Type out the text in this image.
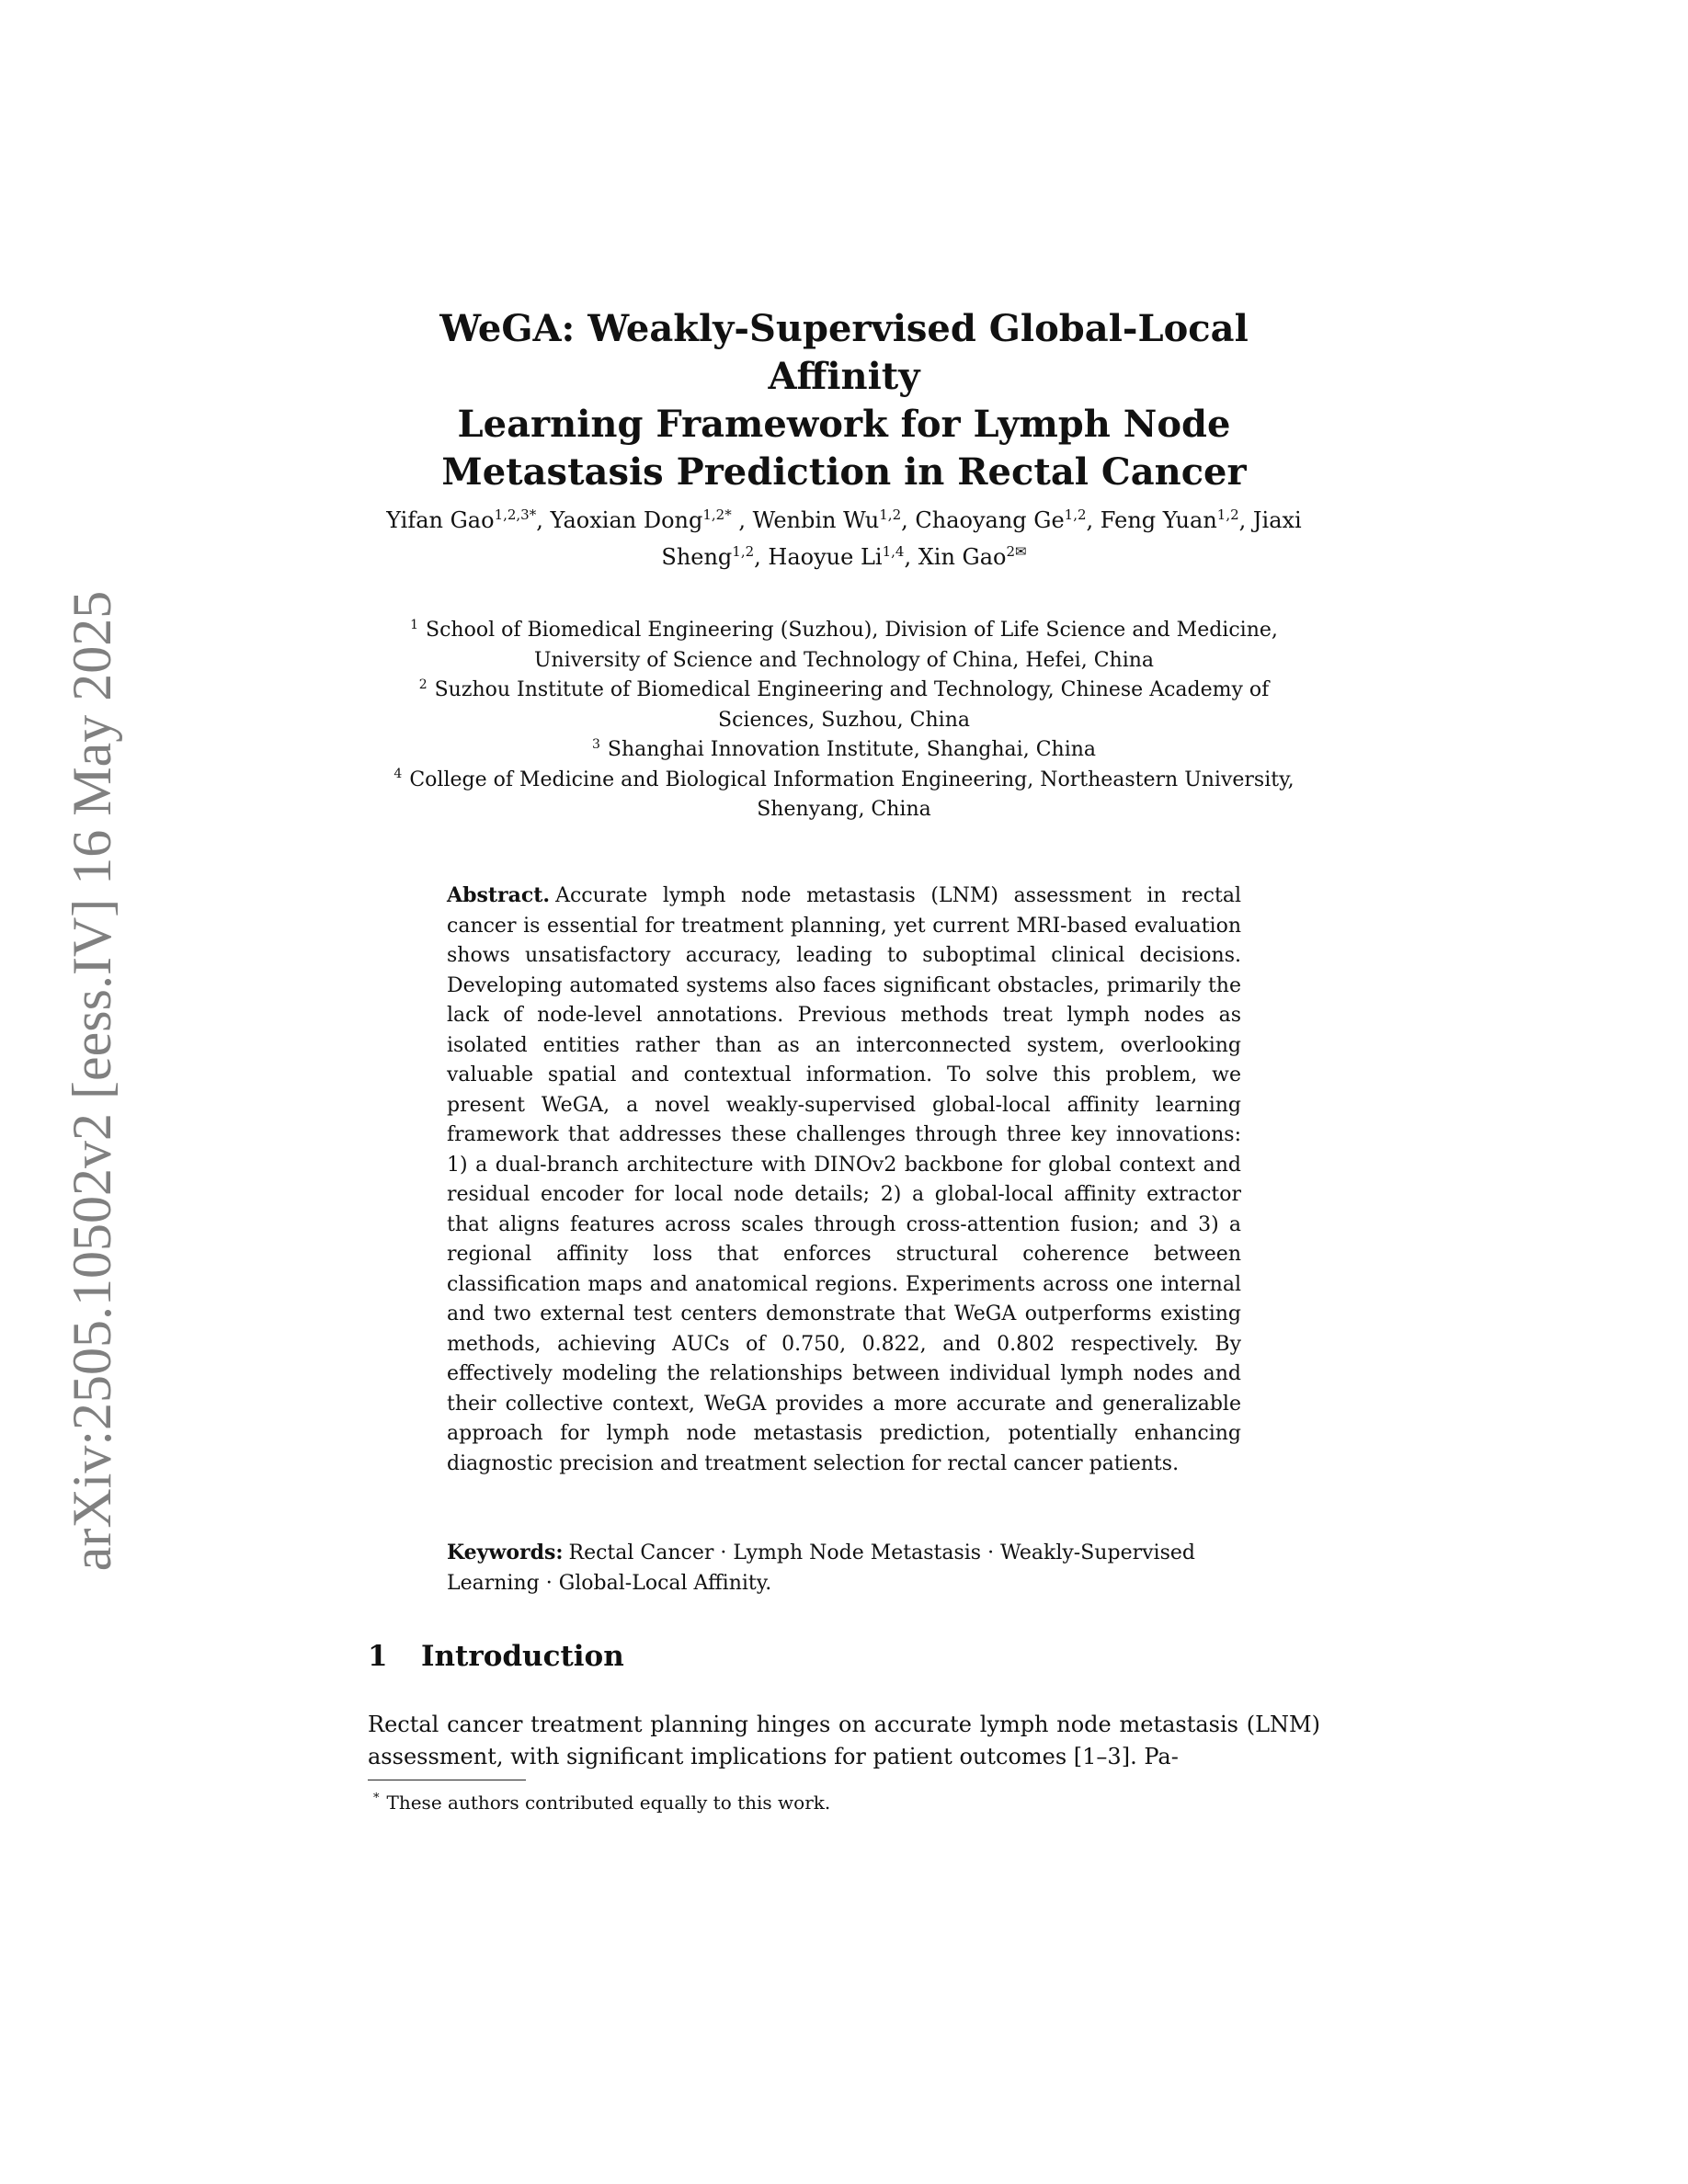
arXiv:2505.10502v2 [eess.IV] 16 May 2025
WeGA: Weakly-Supervised Global-Local Affinity
Learning Framework for Lymph Node
Metastasis Prediction in Rectal Cancer
Yifan Gao$^{1,2,3*}$, Yaoxian Dong$^{1,2*}$ , Wenbin Wu$^{1,2}$, Chaoyang Ge$^{1,2}$, Feng Yuan$^{1,2}$, Jiaxi Sheng$^{1,2}$, Haoyue Li$^{1,4}$, Xin Gao$^{2✉}$
$^1$ School of Biomedical Engineering (Suzhou), Division of Life Science and Medicine, University of Science and Technology of China, Hefei, China
$^2$ Suzhou Institute of Biomedical Engineering and Technology, Chinese Academy of Sciences, Suzhou, China
$^3$ Shanghai Innovation Institute, Shanghai, China
$^4$ College of Medicine and Biological Information Engineering, Northeastern University, Shenyang, China
Abstract. Accurate lymph node metastasis (LNM) assessment in rectal cancer is essential for treatment planning, yet current MRI-based evaluation shows unsatisfactory accuracy, leading to suboptimal clinical decisions. Developing automated systems also faces significant obstacles, primarily the lack of node-level annotations. Previous methods treat lymph nodes as isolated entities rather than as an interconnected system, overlooking valuable spatial and contextual information. To solve this problem, we present WeGA, a novel weakly-supervised global-local affinity learning framework that addresses these challenges through three key innovations: 1) a dual-branch architecture with DINOv2 backbone for global context and residual encoder for local node details; 2) a global-local affinity extractor that aligns features across scales through cross-attention fusion; and 3) a regional affinity loss that enforces structural coherence between classification maps and anatomical regions. Experiments across one internal and two external test centers demonstrate that WeGA outperforms existing methods, achieving AUCs of 0.750, 0.822, and 0.802 respectively. By effectively modeling the relationships between individual lymph nodes and their collective context, WeGA provides a more accurate and generalizable approach for lymph node metastasis prediction, potentially enhancing diagnostic precision and treatment selection for rectal cancer patients.
Keywords: Rectal Cancer · Lymph Node Metastasis · Weakly-Supervised Learning · Global-Local Affinity.
1 Introduction

Rectal cancer treatment planning hinges on accurate lymph node metastasis (LNM) assessment, with significant implications for patient outcomes [1–3]. Pa-

* These authors contributed equally to this work.
